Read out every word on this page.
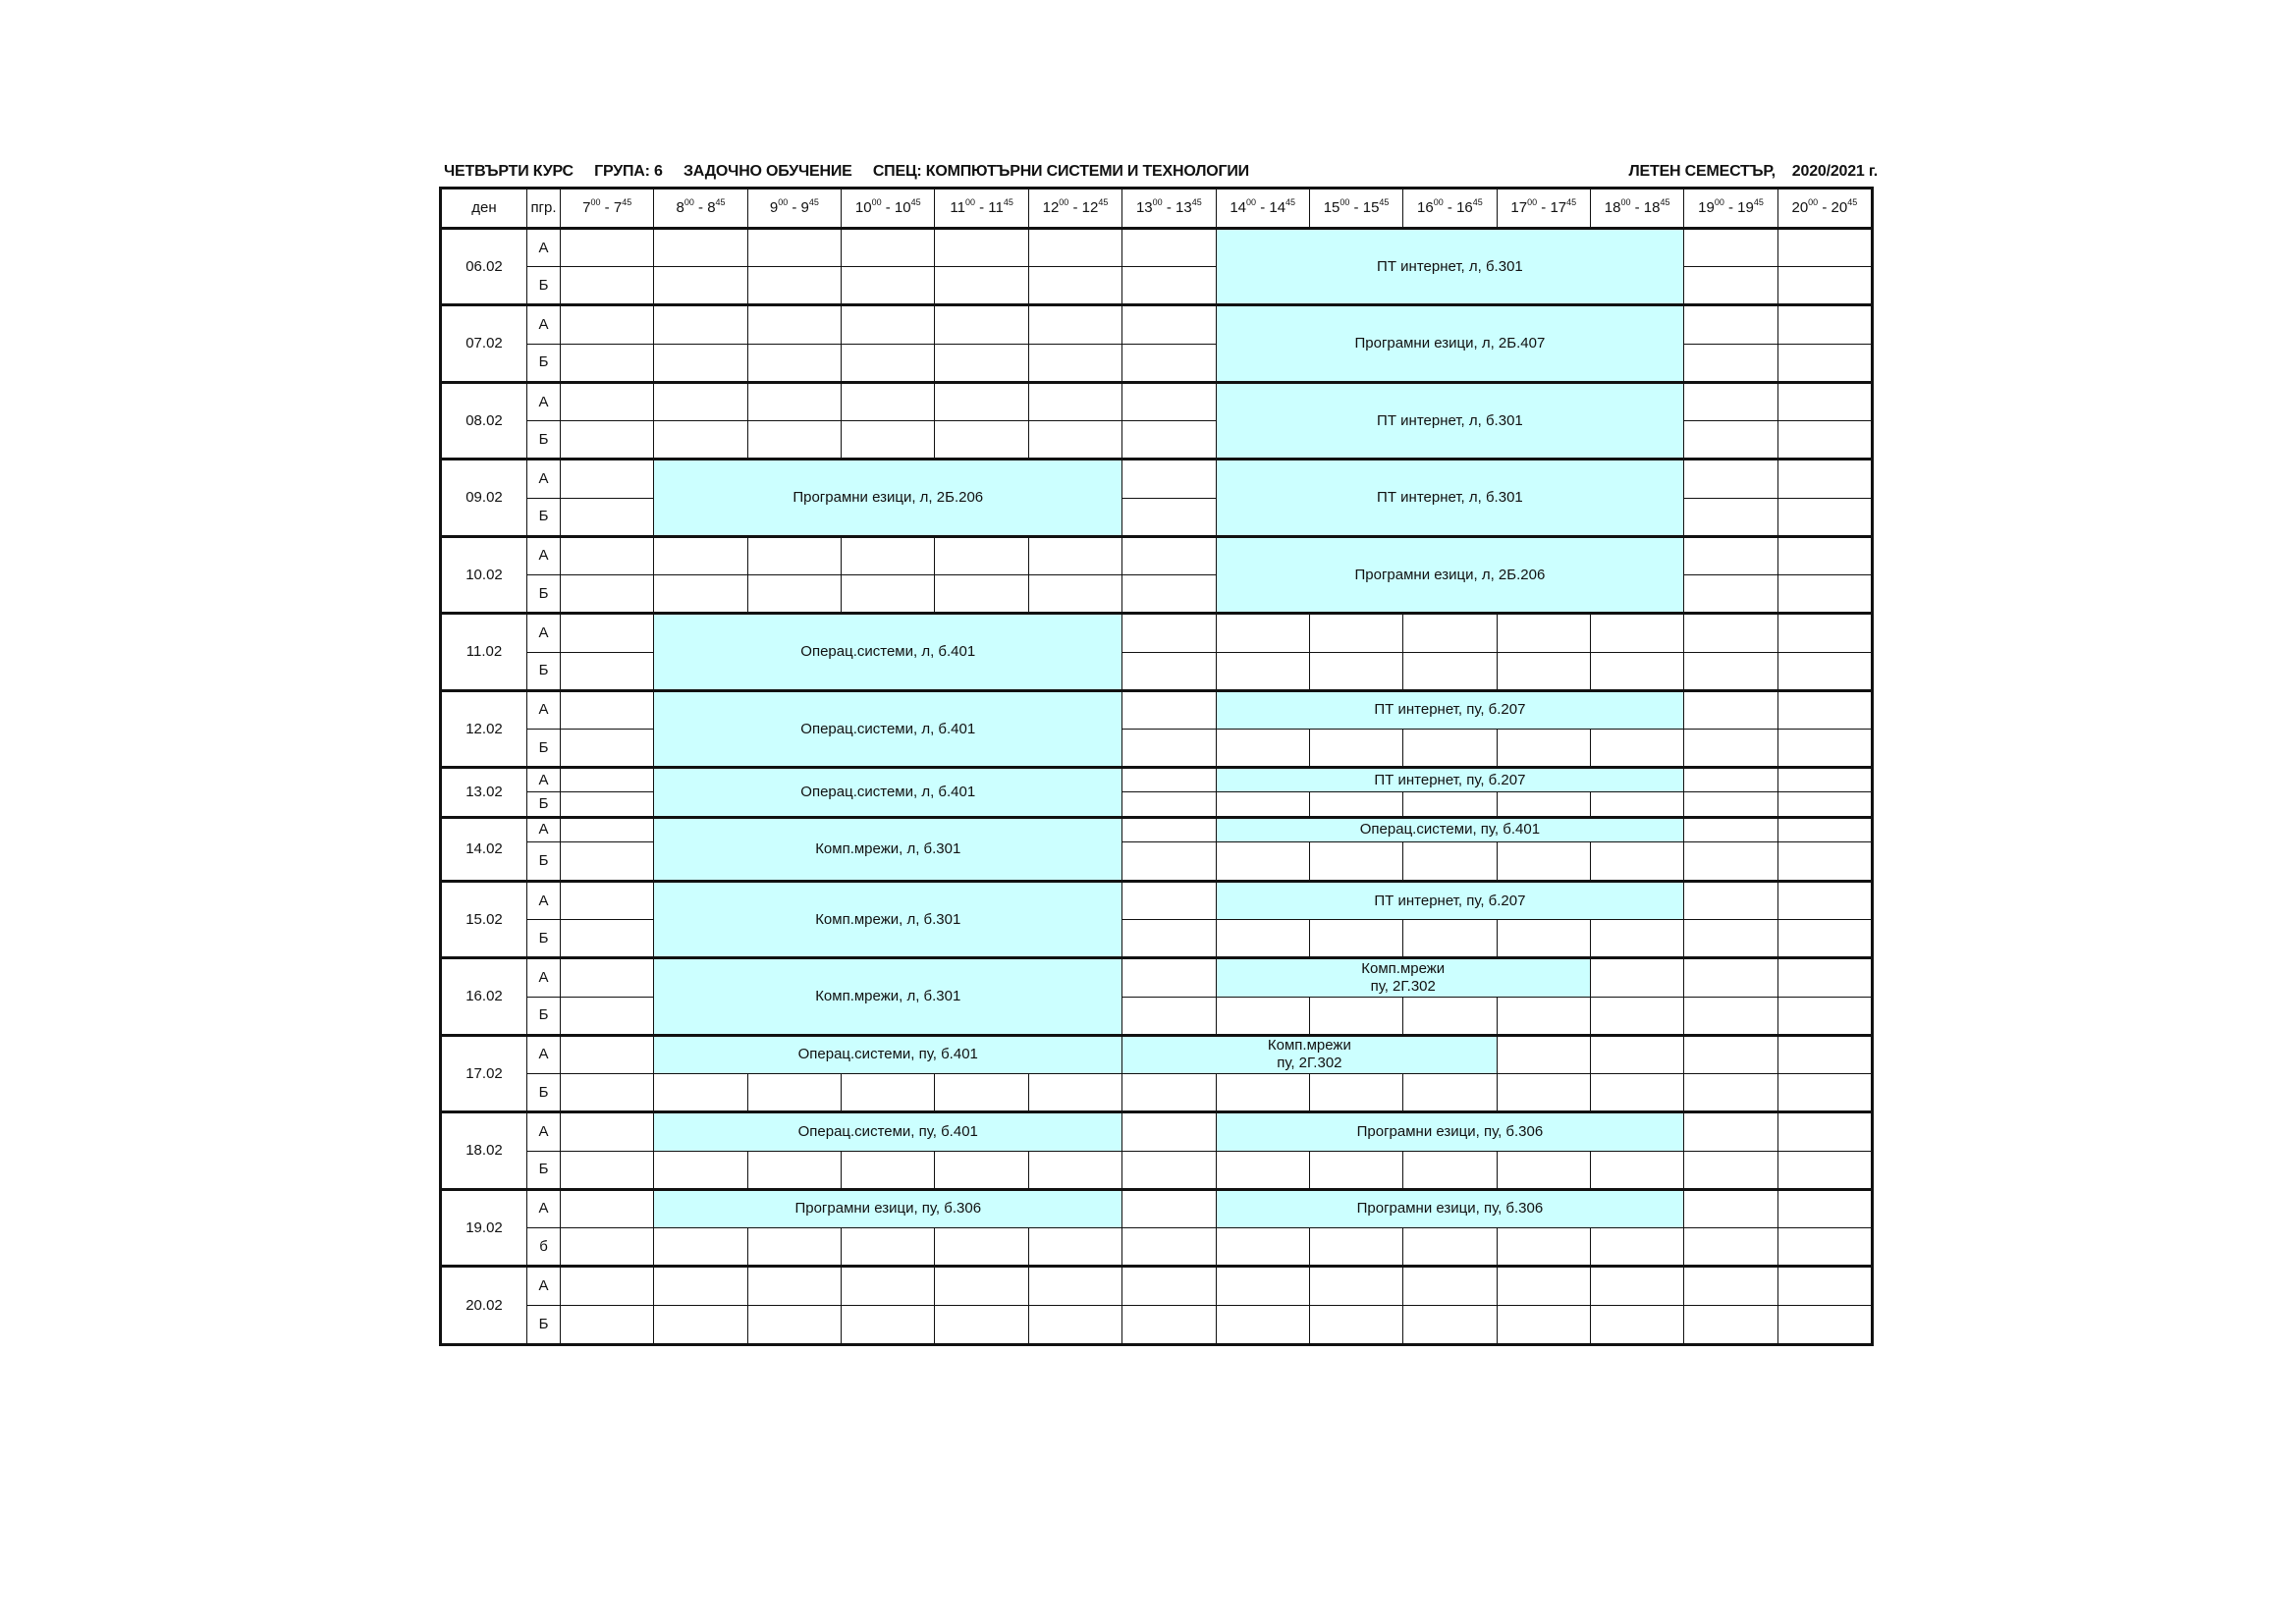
ЧЕТВЪРТИ КУРС     ГРУПА: 6     ЗАДОЧНО ОБУЧЕНИЕ     СПЕЦ: КОМПЮТЪРНИ СИСТЕМИ И ТЕХНОЛОГИИ

	ЛЕТЕН СЕМЕСТЪР,    2020/2021 г.

ден	пгр.	$7^{00} - 7^{45}$	$8^{00} - 8^{45}$	$9^{00} - 9^{45}$	$10^{00} - 10^{45}$	$11^{00} - 11^{45}$	$12^{00} - 12^{45}$	$13^{00} - 13^{45}$	$14^{00} - 14^{45}$	$15^{00} - 15^{45}$	$16^{00} - 16^{45}$	$17^{00} - 17^{45}$	$18^{00} - 18^{45}$	$19^{00} - 19^{45}$	$20^{00} - 20^{45}$
06.02	А								ПТ интернет, л, б.301						
	Б														
07.02	А								Програмни езици, л, 2Б.407						
	Б														
08.02	А								ПТ интернет, л, б.301						
	Б														
09.02	А		Програмни езици, л, 2Б.206						ПТ интернет, л, б.301						
	Б														
10.02	А								Програмни езици, л, 2Б.206						
	Б														
11.02	А		Операц.системи, л, б.401												
	Б														
12.02	А		Операц.системи, л, б.401						ПТ интернет, пу, б.207						
	Б														
13.02	А		Операц.системи, л, б.401						ПТ интернет, пу, б.207						
	Б														
14.02	А		Комп.мрежи, л, б.301						Операц.системи, пу, б.401						
	Б														
15.02	А		Комп.мрежи, л, б.301						ПТ интернет, пу, б.207						
	Б														
16.02	А		Комп.мрежи, л, б.301						Комп.мрежи
пу, 2Г.302						
	Б														
17.02	А		Операц.системи, пу, б.401					Комп.мрежи
пу, 2Г.302							
	Б														
18.02	А		Операц.системи, пу, б.401						Програмни езици, пу, б.306						
	Б														
19.02	А		Програмни езици, пу, б.306						Програмни езици, пу, б.306						
	б														
20.02	А														
	Б														
